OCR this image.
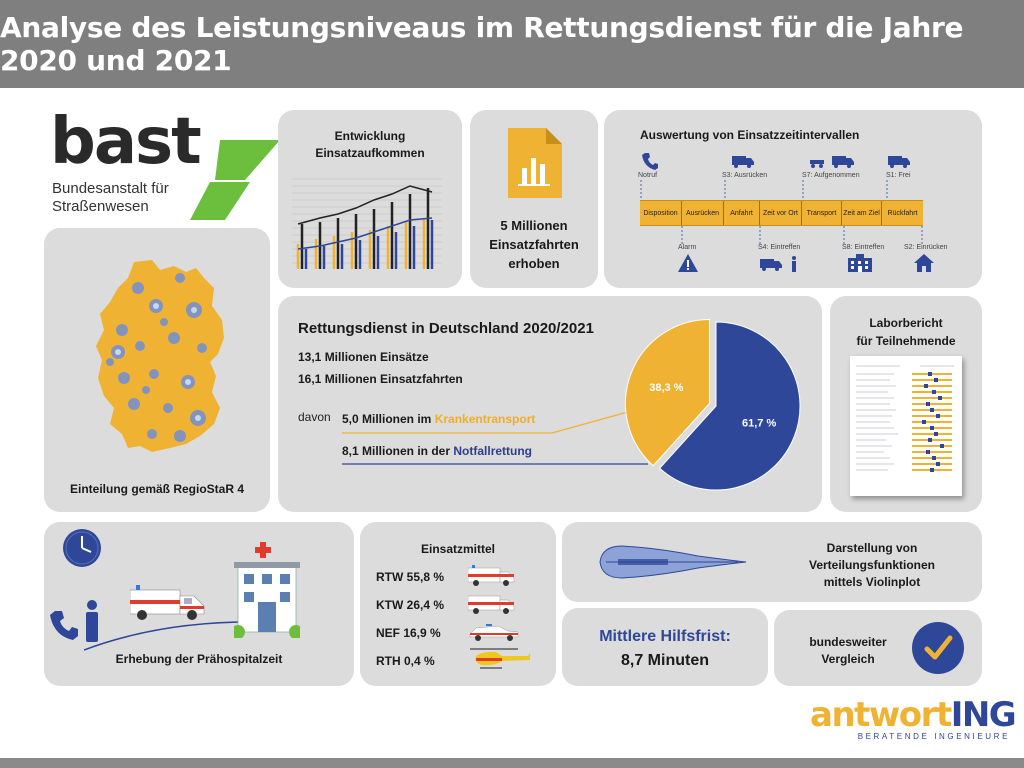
Analyse des Leistungsniveaus im Rettungsdienst für die Jahre 2020 und 2021
bast
Bundesanstalt für
Straßenwesen
Entwicklung
Einsatzaufkommen
5 Millionen
Einsatzfahrten
erhoben
Auswertung von Einsatzzeitintervallen
Notruf	S3: Ausrücken	S7: Aufgenommen	S1: Frei
Disposition	Ausrücken	Anfahrt	Zeit vor Ort	Transport Zeit am Ziel	Rückfahrt
Alarm	S4: Eintreffen	S8: Eintreffen	S2: Einrücken
Einteilung gemäß RegioStaR 4
Rettungsdienst in Deutschland 2020/2021
13,1 Millionen Einsätze
16,1 Millionen Einsatzfahrten
davon 5,0 Millionen im Krankentransport
8,1 Millionen in der Notfallrettung
38,3 %
61,7 %
Laborbericht
für Teilnehmende
Erhebung der Prähospitalzeit
Einsatzmittel
RTW 55,8 %
KTW 26,4 %
NEF 16,9 %
RTH 0,4 %
Darstellung von
Verteilungsfunktionen
mittels Violinplot
Mittlere Hilfsfrist:
8,7 Minuten
bundesweiter
Vergleich
antwortING
BERATENDE INGENIEURE
